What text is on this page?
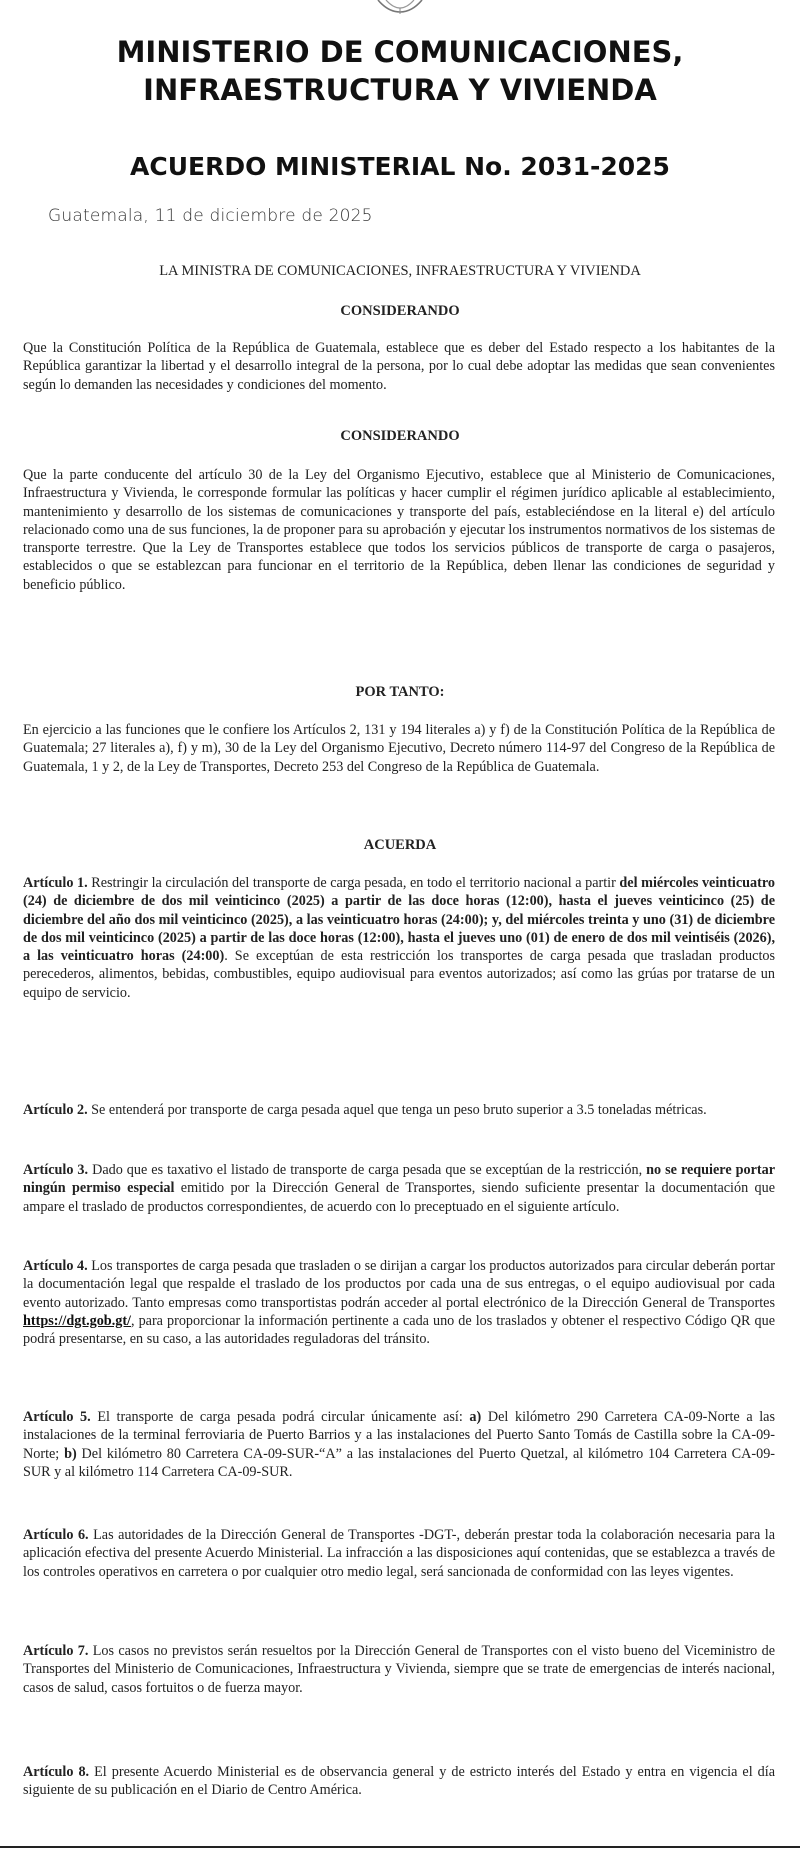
MINISTERIO DE COMUNICACIONES,
INFRAESTRUCTURA Y VIVIENDA
ACUERDO MINISTERIAL No. 2031-2025
Guatemala, 11 de diciembre de 2025
LA MINISTRA DE COMUNICACIONES, INFRAESTRUCTURA Y VIVIENDA
CONSIDERANDO

Que la Constitución Política de la República de Guatemala, establece que es deber del Estado respecto a los habitantes de la República garantizar la libertad y el desarrollo integral de la persona, por lo cual debe adoptar las medidas que sean convenientes según lo demanden las necesidades y condiciones del momento.

CONSIDERANDO

Que la parte conducente del artículo 30 de la Ley del Organismo Ejecutivo, establece que al Ministerio de Comunicaciones, Infraestructura y Vivienda, le corresponde formular las políticas y hacer cumplir el régimen jurídico aplicable al establecimiento, mantenimiento y desarrollo de los sistemas de comunicaciones y transporte del país, estableciéndose en la literal e) del artículo relacionado como una de sus funciones, la de proponer para su aprobación y ejecutar los instrumentos normativos de los sistemas de transporte terrestre. Que la Ley de Transportes establece que todos los servicios públicos de transporte de carga o pasajeros, establecidos o que se establezcan para funcionar en el territorio de la República, deben llenar las condiciones de seguridad y beneficio público.

POR TANTO:

En ejercicio a las funciones que le confiere los Artículos 2, 131 y 194 literales a) y f) de la Constitución Política de la República de Guatemala; 27 literales a), f) y m), 30 de la Ley del Organismo Ejecutivo, Decreto número 114-97 del Congreso de la República de Guatemala, 1 y 2, de la Ley de Transportes, Decreto 253 del Congreso de la República de Guatemala.

ACUERDA

Artículo 1. Restringir la circulación del transporte de carga pesada, en todo el territorio nacional a partir del miércoles veinticuatro (24) de diciembre de dos mil veinticinco (2025) a partir de las doce horas (12:00), hasta el jueves veinticinco (25) de diciembre del año dos mil veinticinco (2025), a las veinticuatro horas (24:00); y, del miércoles treinta y uno (31) de diciembre de dos mil veinticinco (2025) a partir de las doce horas (12:00), hasta el jueves uno (01) de enero de dos mil veintiséis (2026), a las veinticuatro horas (24:00). Se exceptúan de esta restricción los transportes de carga pesada que trasladan productos perecederos, alimentos, bebidas, combustibles, equipo audiovisual para eventos autorizados; así como las grúas por tratarse de un equipo de servicio.

Artículo 2. Se entenderá por transporte de carga pesada aquel que tenga un peso bruto superior a 3.5 toneladas métricas.

Artículo 3. Dado que es taxativo el listado de transporte de carga pesada que se exceptúan de la restricción, no se requiere portar ningún permiso especial emitido por la Dirección General de Transportes, siendo suficiente presentar la documentación que ampare el traslado de productos correspondientes, de acuerdo con lo preceptuado en el siguiente artículo.

Artículo 4. Los transportes de carga pesada que trasladen o se dirijan a cargar los productos autorizados para circular deberán portar la documentación legal que respalde el traslado de los productos por cada una de sus entregas, o el equipo audiovisual por cada evento autorizado. Tanto empresas como transportistas podrán acceder al portal electrónico de la Dirección General de Transportes https://dgt.gob.gt/, para proporcionar la información pertinente a cada uno de los traslados y obtener el respectivo Código QR que podrá presentarse, en su caso, a las autoridades reguladoras del tránsito.

Artículo 5. El transporte de carga pesada podrá circular únicamente así: a) Del kilómetro 290 Carretera CA-09-Norte a las instalaciones de la terminal ferroviaria de Puerto Barrios y a las instalaciones del Puerto Santo Tomás de Castilla sobre la CA-09-Norte; b) Del kilómetro 80 Carretera CA-09-SUR-“A” a las instalaciones del Puerto Quetzal, al kilómetro 104 Carretera CA-09-SUR y al kilómetro 114 Carretera CA-09-SUR.

Artículo 6. Las autoridades de la Dirección General de Transportes -DGT-, deberán prestar toda la colaboración necesaria para la aplicación efectiva del presente Acuerdo Ministerial. La infracción a las disposiciones aquí contenidas, que se establezca a través de los controles operativos en carretera o por cualquier otro medio legal, será sancionada de conformidad con las leyes vigentes.

Artículo 7. Los casos no previstos serán resueltos por la Dirección General de Transportes con el visto bueno del Viceministro de Transportes del Ministerio de Comunicaciones, Infraestructura y Vivienda, siempre que se trate de emergencias de interés nacional, casos de salud, casos fortuitos o de fuerza mayor.

Artículo 8. El presente Acuerdo Ministerial es de observancia general y de estricto interés del Estado y entra en vigencia el día siguiente de su publicación en el Diario de Centro América.
